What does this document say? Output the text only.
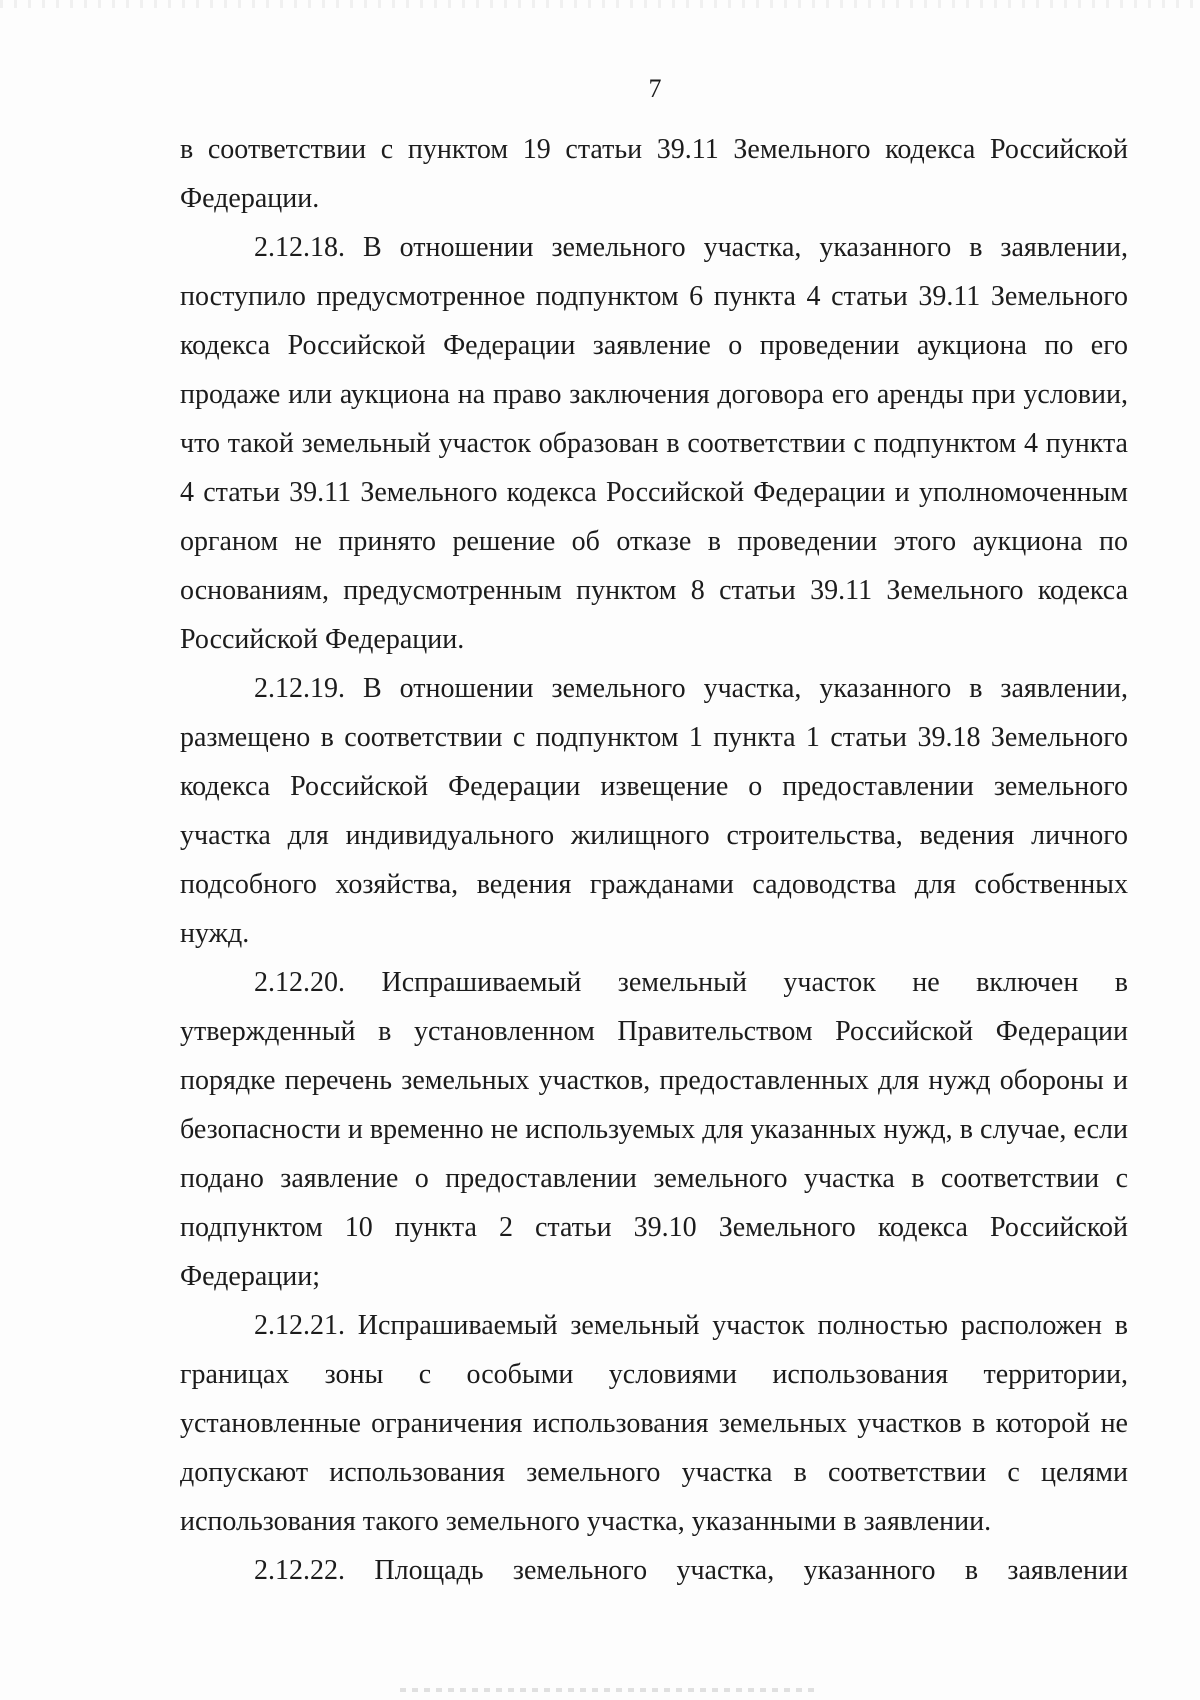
7

в соответствии с пунктом 19 статьи 39.11 Земельного кодекса Российской Федерации.

2.12.18. В отношении земельного участка, указанного в заявлении, поступило предусмотренное подпунктом 6 пункта 4 статьи 39.11 Земельного кодекса Российской Федерации заявление о проведении аукциона по его продаже или аукциона на право заключения договора его аренды при условии, что такой земельный участок образован в соответствии с подпунктом 4 пункта 4 статьи 39.11 Земельного кодекса Российской Федерации и уполномоченным органом не принято решение об отказе в проведении этого аукциона по основаниям, предусмотренным пунктом 8 статьи 39.11 Земельного кодекса Российской Федерации.

2.12.19. В отношении земельного участка, указанного в заявлении, размещено в соответствии с подпунктом 1 пункта 1 статьи 39.18 Земельного кодекса Российской Федерации извещение о предоставлении земельного участка для индивидуального жилищного строительства, ведения личного подсобного хозяйства, ведения гражданами садоводства для собственных нужд.

2.12.20. Испрашиваемый земельный участок не включен в утвержденный в установленном Правительством Российской Федерации порядке перечень земельных участков, предоставленных для нужд обороны и безопасности и временно не используемых для указанных нужд, в случае, если подано заявление о предоставлении земельного участка в соответствии с подпунктом 10 пункта 2 статьи 39.10 Земельного кодекса Российской Федерации;

2.12.21. Испрашиваемый земельный участок полностью расположен в границах зоны с особыми условиями использования территории, установленные ограничения использования земельных участков в которой не допускают использования земельного участка в соответствии с целями использования такого земельного участка, указанными в заявлении.

2.12.22. Площадь земельного участка, указанного в заявлении
